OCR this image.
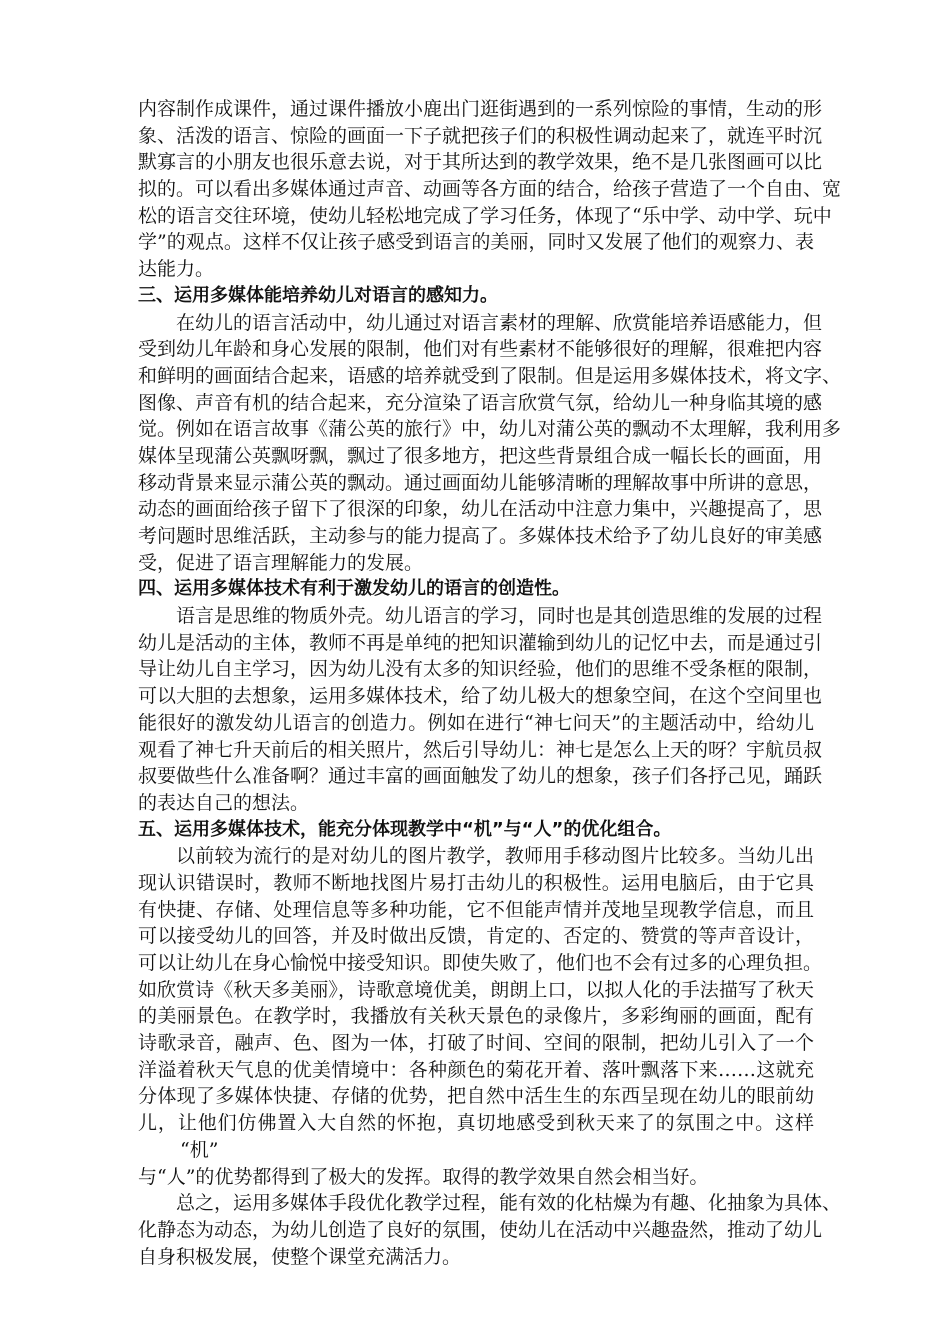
内容制作成课件，通过课件播放小鹿出门逛街遇到的一系列惊险的事情，生动的形
象、活泼的语言、惊险的画面一下子就把孩子们的积极性调动起来了，就连平时沉
默寡言的小朋友也很乐意去说，对于其所达到的教学效果，绝不是几张图画可以比
拟的。可以看出多媒体通过声音、动画等各方面的结合，给孩子营造了一个自由、宽
松的语言交往环境，使幼儿轻松地完成了学习任务，体现了“乐中学、动中学、玩中
学”的观点。这样不仅让孩子感受到语言的美丽，同时又发展了他们的观察力、表
达能力。
三、运用多媒体能培养幼儿对语言的感知力。
在幼儿的语言活动中，幼儿通过对语言素材的理解、欣赏能培养语感能力，但
受到幼儿年龄和身心发展的限制，他们对有些素材不能够很好的理解，很难把内容
和鲜明的画面结合起来，语感的培养就受到了限制。但是运用多媒体技术，将文字、
图像、声音有机的结合起来，充分渲染了语言欣赏气氛，给幼儿一种身临其境的感
觉。例如在语言故事《蒲公英的旅行》中，幼儿对蒲公英的飘动不太理解，我利用多
媒体呈现蒲公英飘呀飘，飘过了很多地方，把这些背景组合成一幅长长的画面，用
移动背景来显示蒲公英的飘动。通过画面幼儿能够清晰的理解故事中所讲的意思，
动态的画面给孩子留下了很深的印象，幼儿在活动中注意力集中，兴趣提高了，思
考问题时思维活跃，主动参与的能力提高了。多媒体技术给予了幼儿良好的审美感
受，促进了语言理解能力的发展。
四、运用多媒体技术有利于激发幼儿的语言的创造性。
语言是思维的物质外壳。幼儿语言的学习，同时也是其创造思维的发展的过程
幼儿是活动的主体，教师不再是单纯的把知识灌输到幼儿的记忆中去，而是通过引
导让幼儿自主学习，因为幼儿没有太多的知识经验，他们的思维不受条框的限制，
可以大胆的去想象，运用多媒体技术，给了幼儿极大的想象空间，在这个空间里也
能很好的激发幼儿语言的创造力。例如在进行“神七问天”的主题活动中，给幼儿
观看了神七升天前后的相关照片，然后引导幼儿：神七是怎么上天的呀？宇航员叔
叔要做些什么准备啊？通过丰富的画面触发了幼儿的想象，孩子们各抒己见，踊跃
的表达自己的想法。
五、运用多媒体技术，能充分体现教学中“机”与“人”的优化组合。
以前较为流行的是对幼儿的图片教学，教师用手移动图片比较多。当幼儿出
现认识错误时，教师不断地找图片易打击幼儿的积极性。运用电脑后，由于它具
有快捷、存储、处理信息等多种功能，它不但能声情并茂地呈现教学信息，而且
可以接受幼儿的回答，并及时做出反馈，肯定的、否定的、赞赏的等声音设计，
可以让幼儿在身心愉悦中接受知识。即使失败了，他们也不会有过多的心理负担。
如欣赏诗《秋天多美丽》，诗歌意境优美，朗朗上口，以拟人化的手法描写了秋天
的美丽景色。在教学时，我播放有关秋天景色的录像片，多彩绚丽的画面，配有
诗歌录音，融声、色、图为一体，打破了时间、空间的限制，把幼儿引入了一个
洋溢着秋天气息的优美情境中：各种颜色的菊花开着、落叶飘落下来……这就充
分体现了多媒体快捷、存储的优势，把自然中活生生的东西呈现在幼儿的眼前幼
儿，让他们仿佛置入大自然的怀抱，真切地感受到秋天来了的氛围之中。这样
“机”
与“人”的优势都得到了极大的发挥。取得的教学效果自然会相当好。
总之，运用多媒体手段优化教学过程，能有效的化枯燥为有趣、化抽象为具体、
化静态为动态，为幼儿创造了良好的氛围，使幼儿在活动中兴趣盎然，推动了幼儿
自身积极发展，使整个课堂充满活力。
